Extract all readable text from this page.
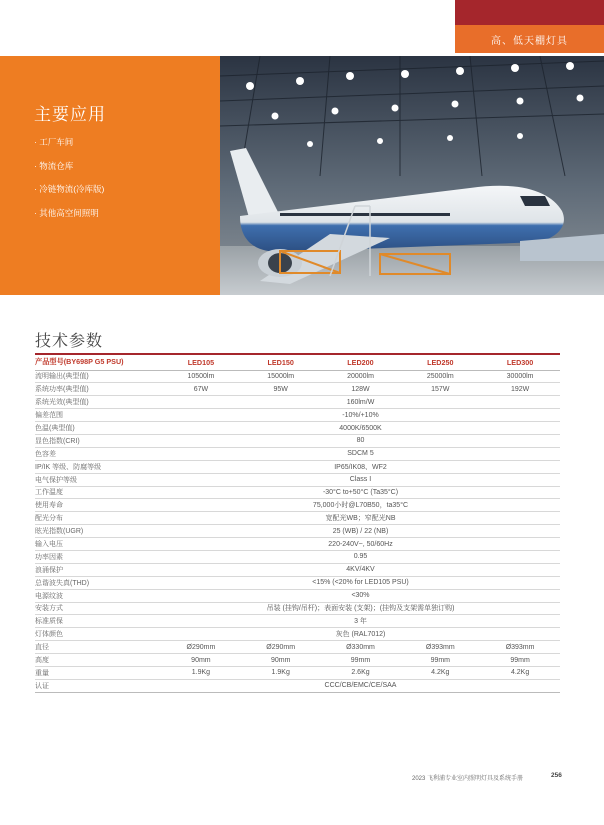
高、低天棚灯具
主要应用
· 工厂车间
· 物流仓库
· 冷链物流(冷库版)
· 其他高空间照明
技术参数
产品型号(BY698P G5 PSU)	LED105	LED150	LED200	LED250	LED300
流明输出(典型值)	10500lm	15000lm	20000lm	25000lm	30000lm
系统功率(典型值)	67W	95W	128W	157W	192W
系统光效(典型值)	160lm/W				
偏差范围	-10%/+10%				
色温(典型值)	4000K/6500K				
显色指数(CRI)	80				
色容差	SDCM 5				
IP/IK 等级、防腐等级	IP65/IK08、WF2				
电气保护等级	Class I				
工作温度	-30°C to+50°C (Ta35°C)				
使用寿命	75,000小时@L70B50，ta35°C				
配光分布	宽配光WB；窄配光NB				
眩光指数(UGR)	25 (WB) / 22 (NB)				
输入电压	220-240V~, 50/60Hz				
功率因素	0.95				
浪涌保护	4KV/4KV				
总谐波失真(THD)	<15% (<20% for LED105 PSU)				
电源纹波	<30%				
安装方式	吊装 (挂钩/吊杆)；表面安装 (支架)；(挂钩及支架需单独订购)				
标准质保	3 年				
灯体颜色	灰色 (RAL7012)				
直径	Ø290mm	Ø290mm	Ø330mm	Ø393mm	Ø393mm
高度	90mm	90mm	99mm	99mm	99mm
重量	1.9Kg	1.9Kg	2.6Kg	4.2Kg	4.2Kg
认证	CCC/CB/EMC/CE/SAA				
2023 飞利浦专业室内照明灯具及系统手册	256
